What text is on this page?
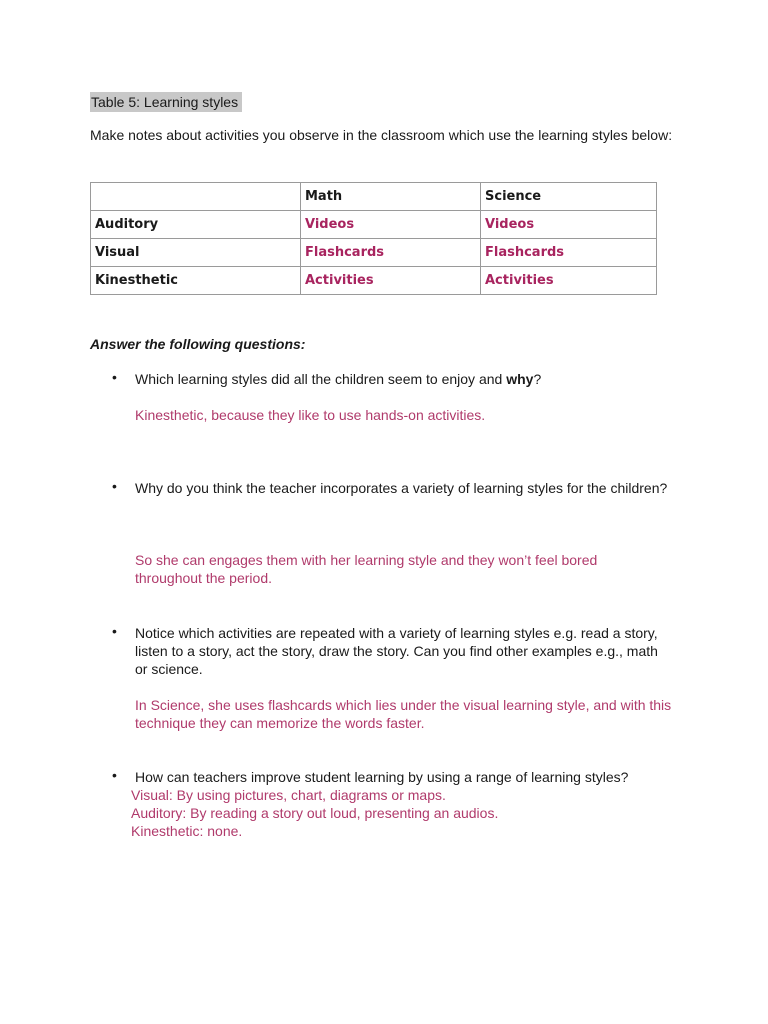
Table 5: Learning styles
Make notes about activities you observe in the classroom which use the learning styles below:
	Math	Science
Auditory	Videos	Videos
Visual	Flashcards	Flashcards
Kinesthetic	Activities	Activities
Answer the following questions:
• Which learning styles did all the children seem to enjoy and why?
Kinesthetic, because they like to use hands-on activities.
• Why do you think the teacher incorporates a variety of learning styles for the children?
So she can engages them with her learning style and they won’t feel bored throughout the period.
• Notice which activities are repeated with a variety of learning styles e.g. read a story, listen to a story, act the story, draw the story. Can you find other examples e.g., math or science.
In Science, she uses flashcards which lies under the visual learning style, and with this technique they can memorize the words faster.
• How can teachers improve student learning by using a range of learning styles?
Visual: By using pictures, chart, diagrams or maps.
Auditory: By reading a story out loud, presenting an audios.
Kinesthetic: none.
